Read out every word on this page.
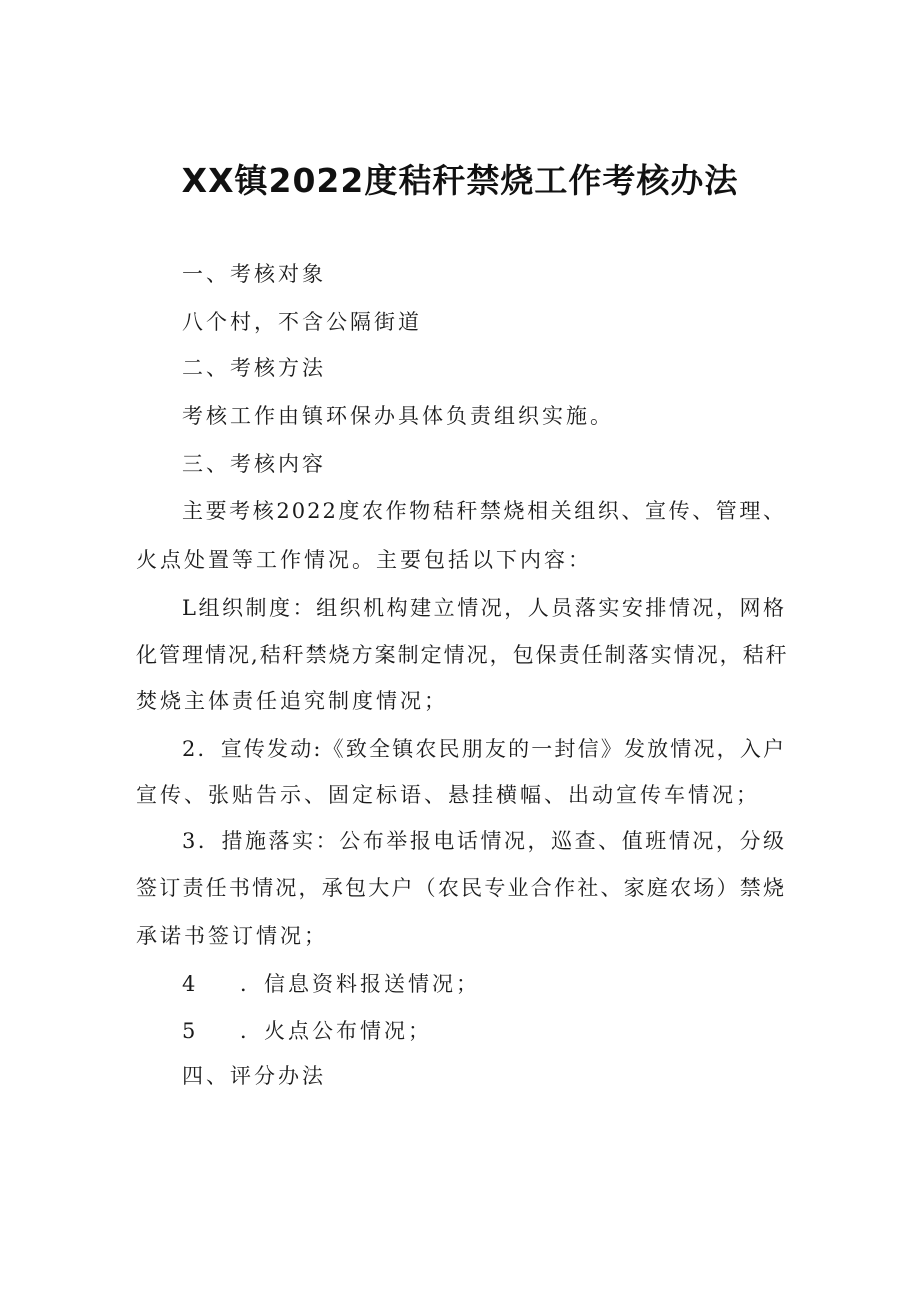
XX镇2022度秸秆禁烧工作考核办法

一、考核对象

八个村，不含公隔街道

二、考核方法

考核工作由镇环保办具体负责组织实施。

三、考核内容

主要考核2022度农作物秸秆禁烧相关组织、宣传、管理、

火点处置等工作情况。主要包括以下内容：

L组织制度：组织机构建立情况，人员落实安排情况，网格

化管理情况,秸秆禁烧方案制定情况，包保责任制落实情况，秸秆

焚烧主体责任追究制度情况；

2．宣传发动:《致全镇农民朋友的一封信》发放情况，入户

宣传、张贴告示、固定标语、悬挂横幅、出动宣传车情况；

3．措施落实：公布举报电话情况，巡查、值班情况，分级

签订责任书情况，承包大户（农民专业合作社、家庭农场）禁烧

承诺书签订情况；

4 ．信息资料报送情况；

5 ．火点公布情况；

四、评分办法
